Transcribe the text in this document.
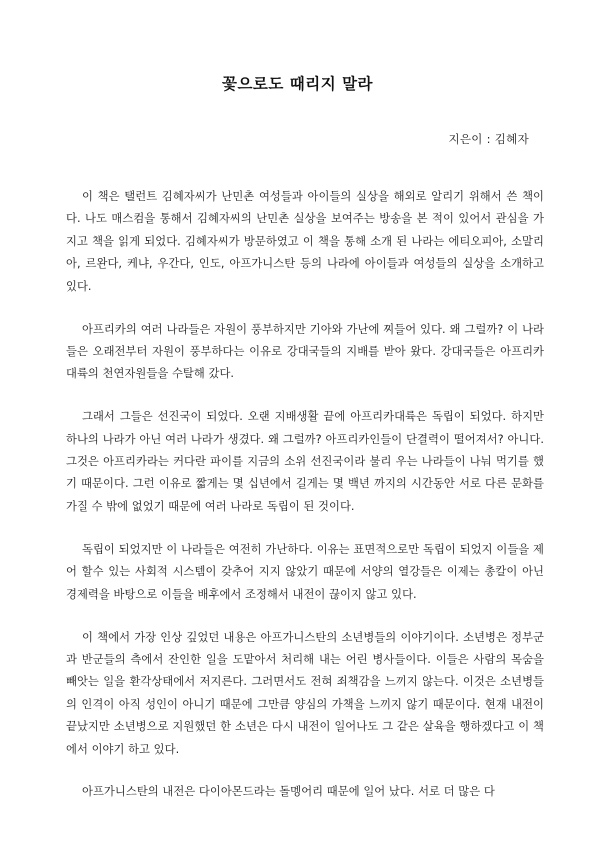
꽃으로도 때리지 말라
지은이 : 김혜자

이 책은 탤런트 김혜자씨가 난민촌 여성들과 아이들의 실상을 해외로 알리기 위해서 쓴 책이다. 나도 매스컴을 통해서 김혜자씨의 난민촌 실상을 보여주는 방송을 본 적이 있어서 관심을 가지고 책을 읽게 되었다. 김혜자씨가 방문하였고 이 책을 통해 소개 된 나라는 에티오피아, 소말리아, 르완다, 케냐, 우간다, 인도, 아프가니스탄 등의 나라에 아이들과 여성들의 실상을 소개하고 있다.

아프리카의 여러 나라들은 자원이 풍부하지만 기아와 가난에 찌들어 있다. 왜 그럴까? 이 나라들은 오래전부터 자원이 풍부하다는 이유로 강대국들의 지배를 받아 왔다. 강대국들은 아프리카 대륙의 천연자원들을 수탈해 갔다.

그래서 그들은 선진국이 되었다. 오랜 지배생활 끝에 아프리카대륙은 독립이 되었다. 하지만 하나의 나라가 아닌 여러 나라가 생겼다. 왜 그럴까? 아프리카인들이 단결력이 떨어져서? 아니다. 그것은 아프리카라는 커다란 파이를 지금의 소위 선진국이라 불리 우는 나라들이 나눠 먹기를 했기 때문이다. 그런 이유로 짧게는 몇 십년에서 길게는 몇 백년 까지의 시간동안 서로 다른 문화를 가질 수 밖에 없었기 때문에 여러 나라로 독립이 된 것이다.

독립이 되었지만 이 나라들은 여전히 가난하다. 이유는 표면적으로만 독립이 되었지 이들을 제어 할수 있는 사회적 시스템이 갖추어 지지 않았기 때문에 서양의 열강들은 이제는 총칼이 아닌 경제력을 바탕으로 이들을 배후에서 조정해서 내전이 끊이지 않고 있다.

이 책에서 가장 인상 깊었던 내용은 아프가니스탄의 소년병들의 이야기이다. 소년병은 정부군과 반군들의 측에서 잔인한 일을 도맡아서 처리해 내는 어린 병사들이다. 이들은 사람의 목숨을 빼앗는 일을 환각상태에서 저지른다. 그러면서도 전혀 죄책감을 느끼지 않는다. 이것은 소년병들의 인격이 아직 성인이 아니기 때문에 그만큼 양심의 가책을 느끼지 않기 때문이다. 현재 내전이 끝났지만 소년병으로 지원했던 한 소년은 다시 내전이 일어나도 그 같은 살육을 행하겠다고 이 책에서 이야기 하고 있다.

아프가니스탄의 내전은 다이아몬드라는 돌멩어리 때문에 일어 났다. 서로 더 많은 다
